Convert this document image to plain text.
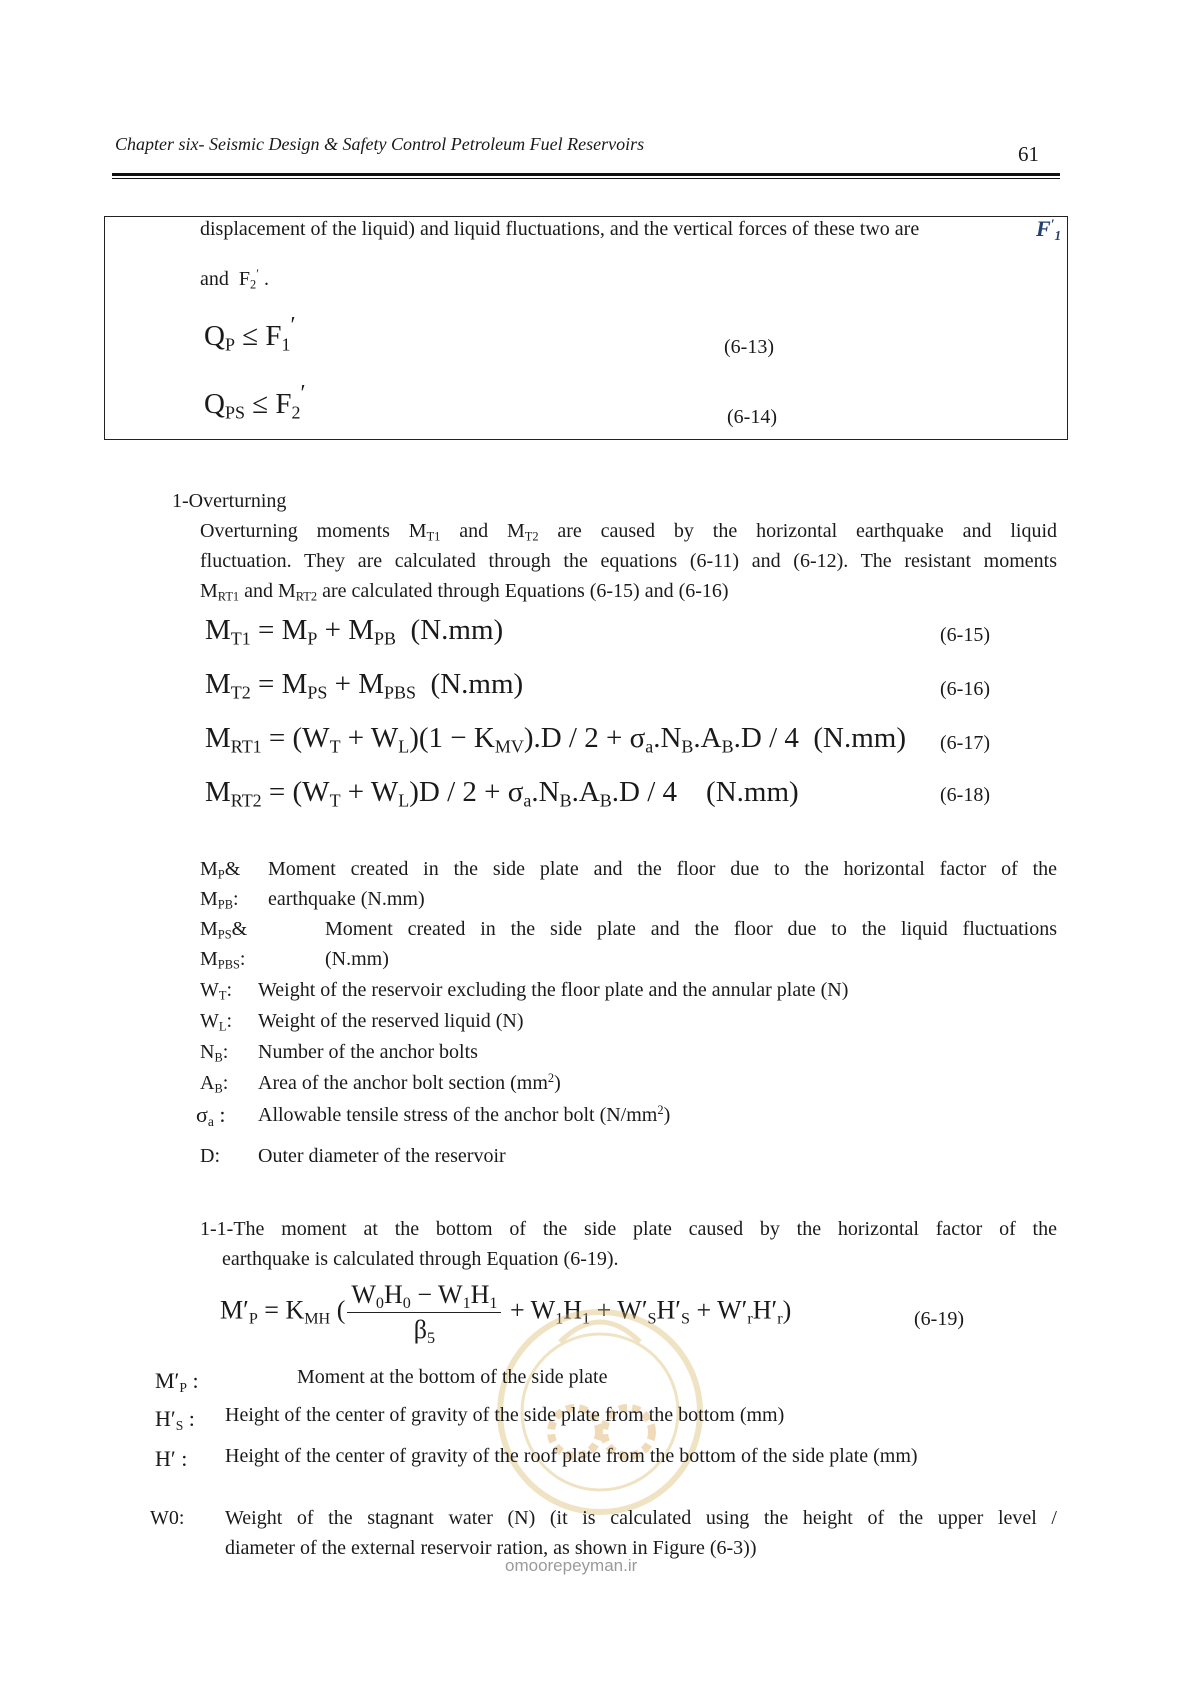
Chapter six- Seismic Design & Safety Control Petroleum Fuel Reservoirs	61
displacement of the liquid) and liquid fluctuations, and the vertical forces of these two are	$F'_1$
and $F_2'$ .
$Q_P \le F_1'$
(6-13)
$Q_{PS} \le F_2'$
(6-14)
1-Overturning
Overturning moments $M_{T1}$ and $M_{T2}$ are caused by the horizontal earthquake and liquid
fluctuation. They are calculated through the equations (6-11) and (6-12). The resistant moments
$M_{RT1}$ and $M_{RT2}$ are calculated through Equations (6-15) and (6-16)
$M_{T1} = M_P + M_{PB}$ (N.mm)	(6-15)
$M_{T2} = M_{PS} + M_{PBS}$ (N.mm)	(6-16)
$M_{RT1} = (W_T + W_L)(1 - K_{MV}).D / 2 + \sigma_a.N_B.A_B.D / 4$  (N.mm) (6-17)
$M_{RT2} = (W_T + W_L)D / 2 + \sigma_a.N_B.A_B.D / 4$    (N.mm)	(6-18)
$M_P\&$
$M_{PB}$:
Moment created in the side plate and the floor due to the horizontal factor of the
earthquake (N.mm)
$M_{PS}\&$
$M_{PBS}$:
Moment created in the side plate and the floor due to the liquid fluctuations
(N.mm)
$W_T$: Weight of the reservoir excluding the floor plate and the annular plate (N)
$W_L$: Weight of the reserved liquid (N)
$N_B$: Number of the anchor bolts
$A_B$: Area of the anchor bolt section $(mm^2)$
$\sigma_a$ : Allowable tensile stress of the anchor bolt $(N/mm^2)$
D: Outer diameter of the reservoir
1-1-The moment at the bottom of the side plate caused by the horizontal factor of the
earthquake is calculated through Equation (6-19).
$M'_P = K_{MH}$ ( $\frac{W_0H_0 - W_1H_1}{\beta_5} + W_1H_1 + W'_SH'_S + W'_rH'_r$)	(6-19)
omoorepeyman.ir
$M'_P$ :	Moment at the bottom of the side plate
$H'_S$ : Height of the center of gravity of the side plate from the bottom (mm)
H′ : Height of the center of gravity of the roof plate from the bottom of the side plate (mm)
W0: Weight of the stagnant water (N) (it is calculated using the height of the upper level /
diameter of the external reservoir ration, as shown in Figure (6-3))
